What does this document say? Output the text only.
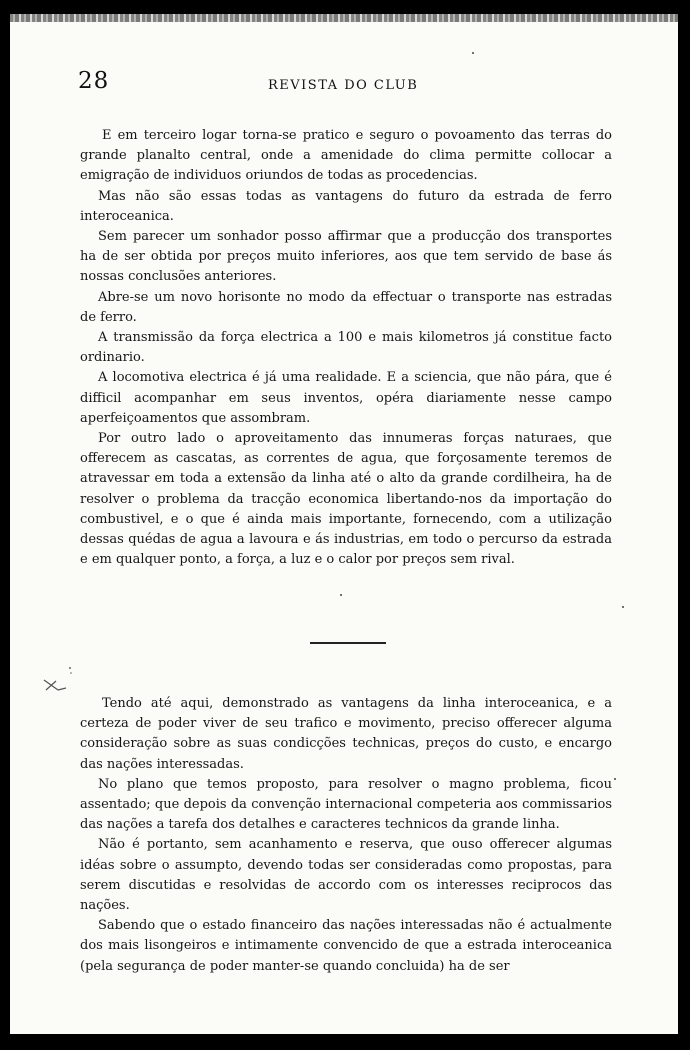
28	REVISTA DO CLUB

E em terceiro logar torna-se pratico e seguro o povoamento das terras do grande planalto central, onde a amenidade do clima permitte collocar a emigração de individuos oriundos de todas as procedencias.

Mas não são essas todas as vantagens do futuro da estrada de ferro interoceanica.

Sem parecer um sonhador posso affirmar que a producção dos transportes ha de ser obtida por preços muito inferiores, aos que tem servido de base ás nossas conclusões anteriores.

Abre-se um novo horisonte no modo da effectuar o transporte nas estradas de ferro.

A transmissão da força electrica a 100 e mais kilometros já constitue facto ordinario.

A locomotiva electrica é já uma realidade. E a sciencia, que não pára, que é difficil acompanhar em seus inventos, opéra diariamente nesse campo aperfeiçoamentos que assombram.

Por outro lado o aproveitamento das innumeras forças naturaes, que offerecem as cascatas, as correntes de agua, que forçosamente teremos de atravessar em toda a extensão da linha até o alto da grande cordilheira, ha de resolver o problema da tracção economica libertando-nos da importação do combustivel, e o que é ainda mais importante, fornecendo, com a utilização dessas quédas de agua a lavoura e ás industrias, em todo o percurso da estrada e em qualquer ponto, a força, a luz e o calor por preços sem rival.

Tendo até aqui, demonstrado as vantagens da linha interoceanica, e a certeza de poder viver de seu trafico e movimento, preciso offerecer alguma consideração sobre as suas condicções technicas, preços do custo, e encargo das nações interessadas.

No plano que temos proposto, para resolver o magno problema, ficou assentado; que depois da convenção internacional competeria aos commissarios das nações a tarefa dos detalhes e caracteres technicos da grande linha.

Não é portanto, sem acanhamento e reserva, que ouso offerecer algumas idéas sobre o assumpto, devendo todas ser consideradas como propostas, para serem discutidas e resolvidas de accordo com os interesses reciprocos das nações.

Sabendo que o estado financeiro das nações interessadas não é actualmente dos mais lisongeiros e intimamente convencido de que a estrada interoceanica (pela segurança de poder manter-se quando concluida) ha de ser
